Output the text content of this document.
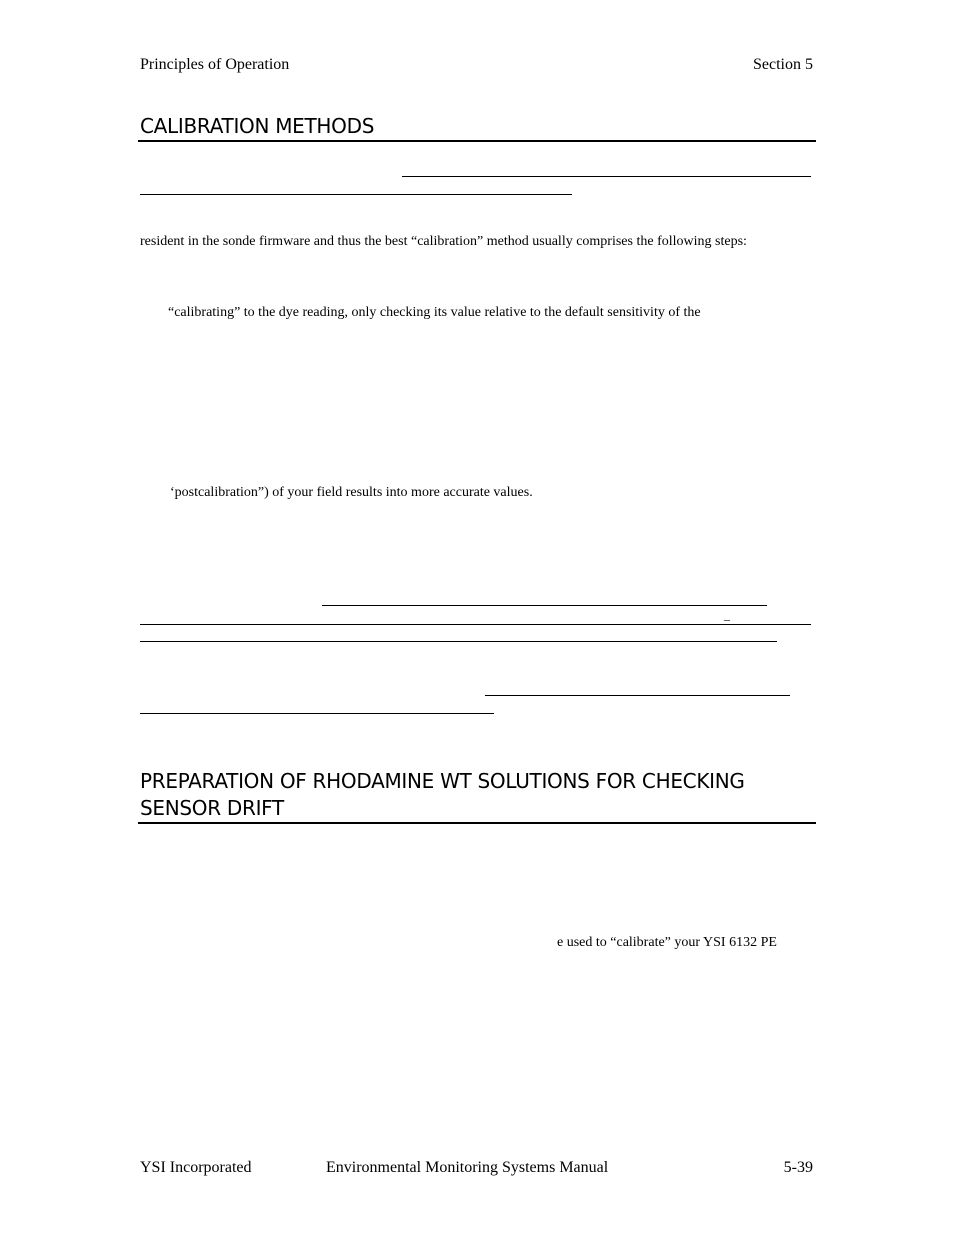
Principles of Operation	Section 5
CALIBRATION METHODS
resident in the sonde firmware and thus the best “calibration” method usually comprises the following steps:
“calibrating” to the dye reading, only checking its value relative to the default sensitivity of the
‘postcalibration”) of your field results into more accurate values.
_
PREPARATION OF RHODAMINE WT SOLUTIONS FOR CHECKING
SENSOR DRIFT
e used to “calibrate” your YSI 6132 PE
YSI Incorporated	Environmental Monitoring Systems Manual	5-39
